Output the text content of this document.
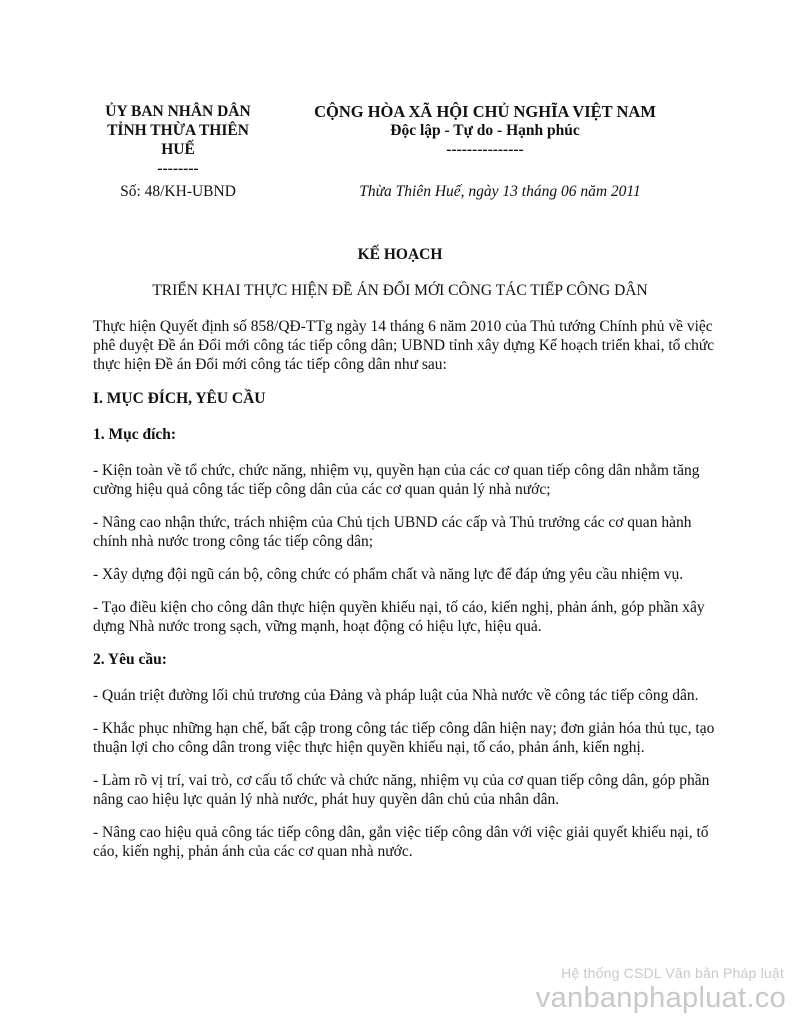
ỦY BAN NHÂN DÂN
TỈNH THỪA THIÊN
HUẾ
--------
CỘNG HÒA XÃ HỘI CHỦ NGHĨA VIỆT NAM
Độc lập - Tự do - Hạnh phúc
---------------
Số: 48/KH-UBND	Thừa Thiên Huế, ngày 13 tháng 06 năm 2011
KẾ HOẠCH
TRIỂN KHAI THỰC HIỆN ĐỀ ÁN ĐỔI MỚI CÔNG TÁC TIẾP CÔNG DÂN

Thực hiện Quyết định số 858/QĐ-TTg ngày 14 tháng 6 năm 2010 của Thủ tướng Chính phủ về việc phê duyệt Đề án Đổi mới công tác tiếp công dân; UBND tỉnh xây dựng Kế hoạch triển khai, tổ chức thực hiện Đề án Đổi mới công tác tiếp công dân như sau:

I. MỤC ĐÍCH, YÊU CẦU

1. Mục đích:

- Kiện toàn về tổ chức, chức năng, nhiệm vụ, quyền hạn của các cơ quan tiếp công dân nhằm tăng cường hiệu quả công tác tiếp công dân của các cơ quan quản lý nhà nước;

- Nâng cao nhận thức, trách nhiệm của Chủ tịch UBND các cấp và Thủ trưởng các cơ quan hành chính nhà nước trong công tác tiếp công dân;

- Xây dựng đội ngũ cán bộ, công chức có phẩm chất và năng lực để đáp ứng yêu cầu nhiệm vụ.

- Tạo điều kiện cho công dân thực hiện quyền khiếu nại, tố cáo, kiến nghị, phản ánh, góp phần xây dựng Nhà nước trong sạch, vững mạnh, hoạt động có hiệu lực, hiệu quả.

2. Yêu cầu:

- Quán triệt đường lối chủ trương của Đảng và pháp luật của Nhà nước về công tác tiếp công dân.

- Khắc phục những hạn chế, bất cập trong công tác tiếp công dân hiện nay; đơn giản hóa thủ tục, tạo thuận lợi cho công dân trong việc thực hiện quyền khiếu nại, tố cáo, phản ánh, kiến nghị.

- Làm rõ vị trí, vai trò, cơ cấu tổ chức và chức năng, nhiệm vụ của cơ quan tiếp công dân, góp phần nâng cao hiệu lực quản lý nhà nước, phát huy quyền dân chủ của nhân dân.

- Nâng cao hiệu quả công tác tiếp công dân, gắn việc tiếp công dân với việc giải quyết khiếu nại, tố cáo, kiến nghị, phản ánh của các cơ quan nhà nước.

Hệ thống CSDL Văn bản Pháp luật
vanbanphapluat.co
